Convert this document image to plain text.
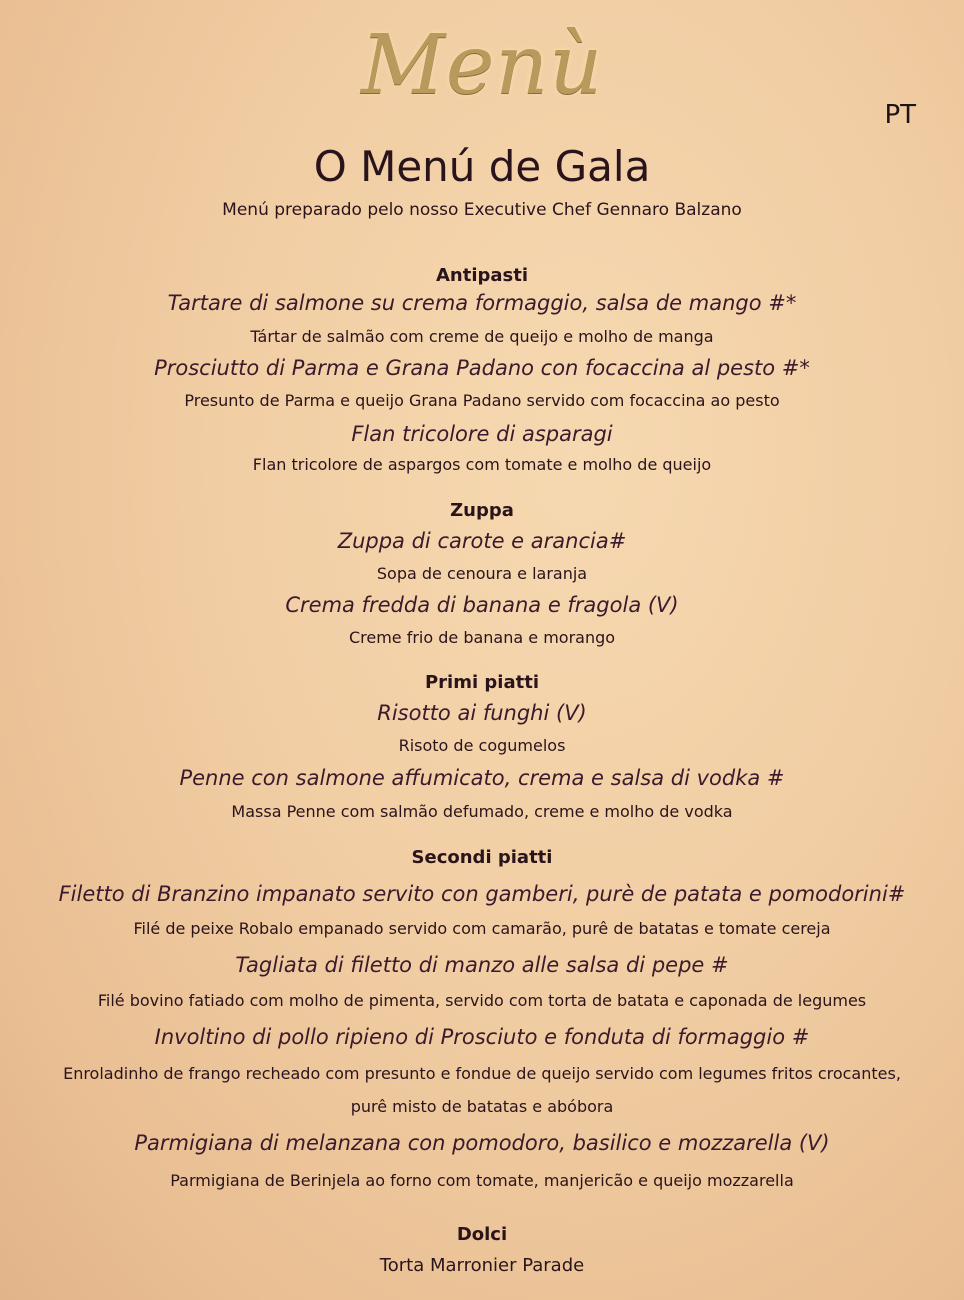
Menù
PT
O Menú de Gala
Menú preparado pelo nosso Executive Chef Gennaro Balzano
Antipasti
Tartare di salmone su crema formaggio, salsa de mango #*
Tártar de salmão com creme de queijo e molho de manga
Prosciutto di Parma e Grana Padano con focaccina al pesto #*
Presunto de Parma e queijo Grana Padano servido com focaccina ao pesto
Flan tricolore di asparagi
Flan tricolore de aspargos com tomate e molho de queijo
Zuppa
Zuppa di carote e arancia#
Sopa de cenoura e laranja
Crema fredda di banana e fragola (V)
Creme frio de banana e morango
Primi piatti
Risotto ai funghi (V)
Risoto de cogumelos
Penne con salmone affumicato, crema e salsa di vodka #
Massa Penne com salmão defumado, creme e molho de vodka
Secondi piatti
Filetto di Branzino impanato servito con gamberi, purè de patata e pomodorini#
Filé de peixe Robalo empanado servido com camarão, purê de batatas e tomate cereja
Tagliata di filetto di manzo alle salsa di pepe #
Filé bovino fatiado com molho de pimenta, servido com torta de batata e caponada de legumes
Involtino di pollo ripieno di Prosciuto e fonduta di formaggio #
Enroladinho de frango recheado com presunto e fondue de queijo servido com legumes fritos crocantes,
purê misto de batatas e abóbora
Parmigiana di melanzana con pomodoro, basilico e mozzarella (V)
Parmigiana de Berinjela ao forno com tomate, manjericão e queijo mozzarella
Dolci
Torta Marronier Parade
